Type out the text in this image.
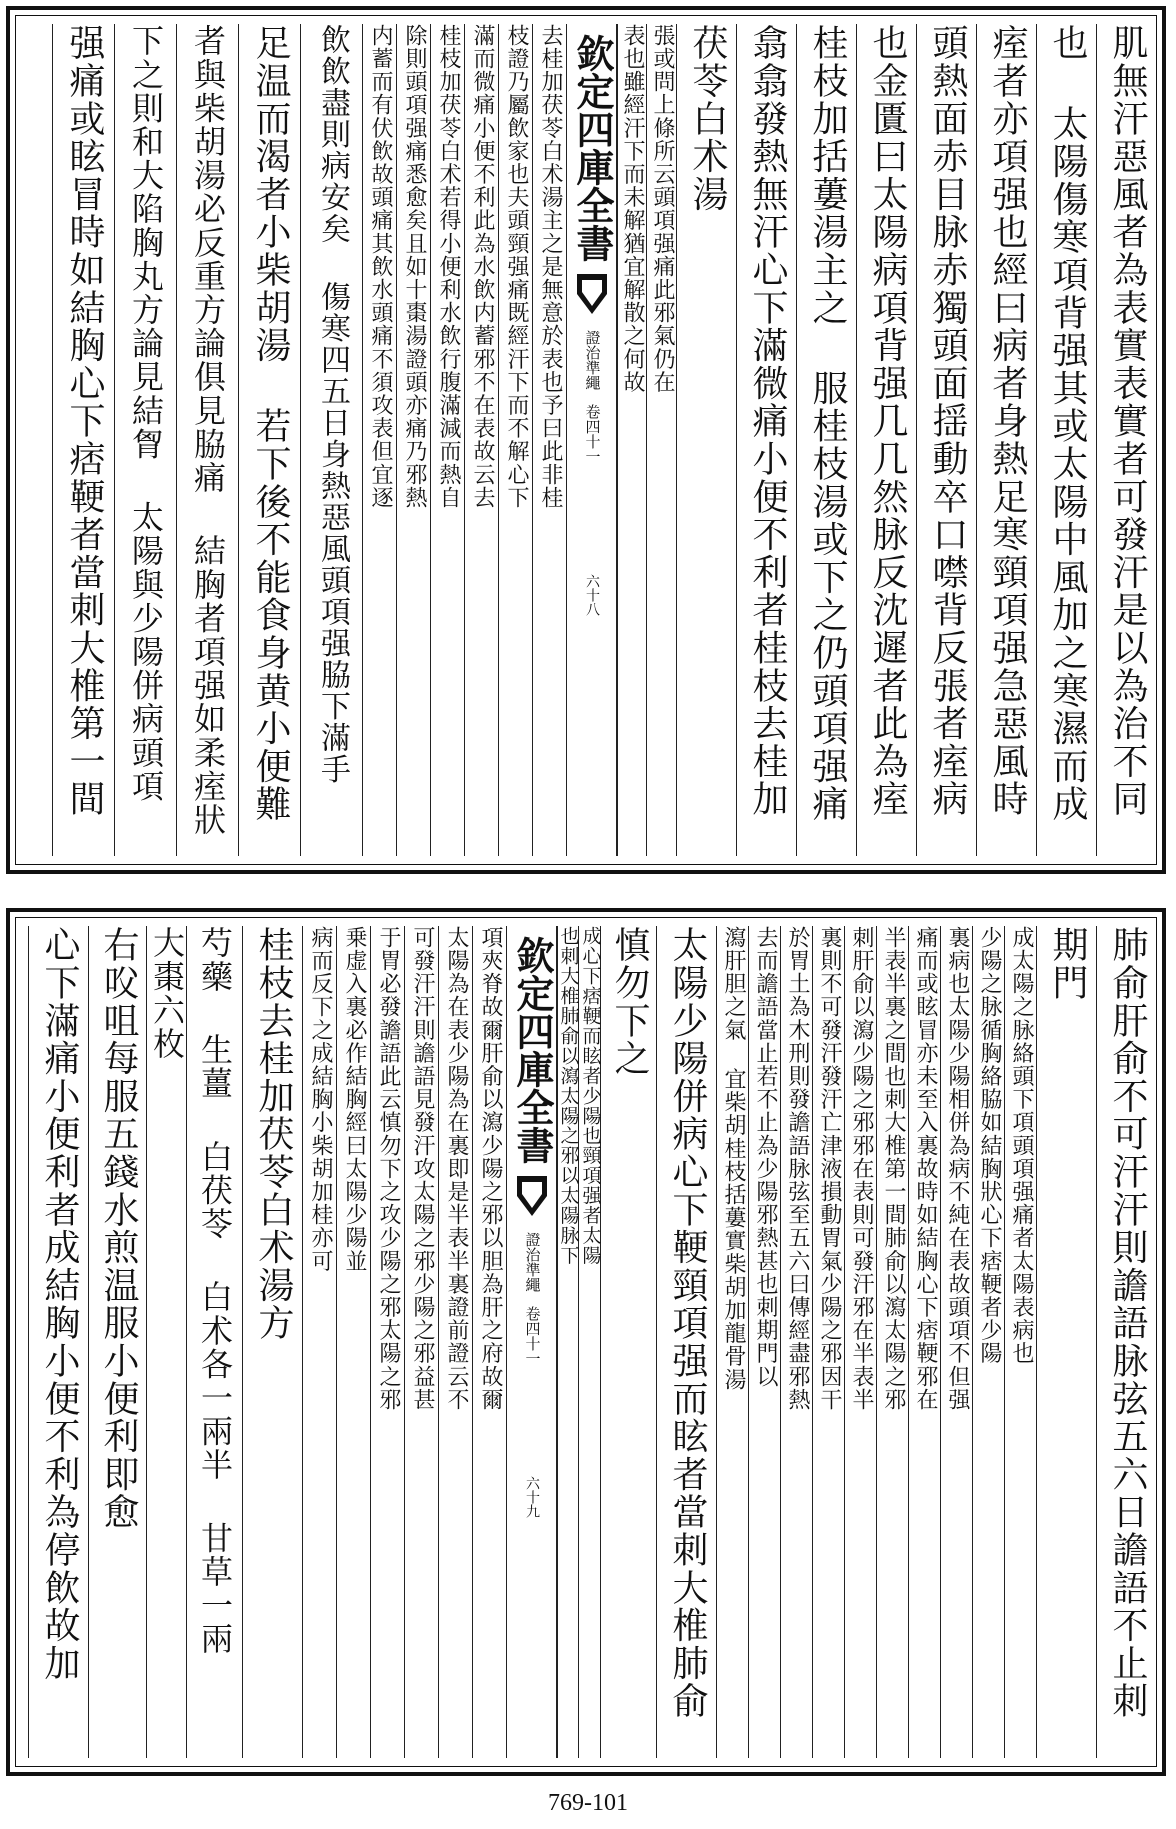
肌無汗惡風者為表實表實者可發汗是以為治不同
也 太陽傷寒項背强其或太陽中風加之寒濕而成
痓者亦項强也經曰病者身熱足寒頸項强急惡風時
頭熱面赤目脉赤獨頭面揺動卒口噤背反張者痓病
也金匱曰太陽病項背强几几然脉反沈遲者此為痓
桂枝加括蔞湯主之 服桂枝湯或下之仍頭項强痛
翕翕發熱無汗心下滿微痛小便不利者桂枝去桂加
茯苓白术湯
張或問上條所云頭項强痛此邪氣仍在
表也雖經汗下而未解猶宜解散之何故
欽定四庫全書
證治準繩
卷四十一
六十八
去桂加茯苓白术湯主之是無意於表也予曰此非桂
枝證乃屬飲家也夫頭頸强痛既經汗下而不解心下
滿而微痛小便不利此為水飲内蓄邪不在表故云去
桂枝加茯苓白术若得小便利水飲行腹滿減而熱自
除則頭項强痛悉愈矣且如十棗湯證頭亦痛乃邪熱
内蓄而有伏飲故頭痛其飲水頭痛不須攻表但宜逐
飲飲盡則病安矣 傷寒四五日身熱惡風頭項强脇下滿手
足温而渴者小柴胡湯 若下後不能食身黄小便難
者與柴胡湯必反重方論俱見脇痛 結胸者項强如柔痓狀
下之則和大陷胸丸方論見結胷 太陽與少陽併病頭項
强痛或眩冒時如結胸心下痞鞕者當刺大椎第一間
肺俞肝俞不可汗汗則譫語脉弦五六日譫語不止刺
期門
成太陽之脉絡頭下項頭項强痛者太陽表病也
少陽之脉循胸絡脇如結胸狀心下痞鞕者少陽
裏病也太陽少陽相併為病不純在表故頭項不但强
痛而或眩冒亦未至入裏故時如結胸心下痞鞕邪在
半表半裏之間也刺大椎第一間肺俞以瀉太陽之邪
刺肝俞以瀉少陽之邪邪在表則可發汗邪在半表半
裏則不可發汗發汗亡津液損動胃氣少陽之邪因干
於胃土為木刑則發譫語脉弦至五六曰傳經盡邪熱
去而譫語當止若不止為少陽邪熱甚也刺期門以
瀉肝胆之氣 宜柴胡桂枝括蔞實柴胡加龍骨湯
太陽少陽併病心下鞕頸項强而眩者當刺大椎肺俞
慎勿下之
成心下痞鞕而眩者少陽也頸項强者太陽
也刺大椎肺俞以瀉太陽之邪以太陽脉下
欽定四庫全書
證治準繩
卷四十一
六十九
項夾脊故爾肝俞以瀉少陽之邪以胆為肝之府故爾
太陽為在表少陽為在裏即是半表半裏證前證云不
可發汗汗則譫語見發汗攻太陽之邪少陽之邪益甚
于胃必發譫語此云慎勿下之攻少陽之邪太陽之邪
乗虚入裏必作結胸經曰太陽少陽並
病而反下之成結胸小柴胡加桂亦可
桂枝去桂加茯苓白术湯方
芍藥 生薑 白茯苓 白术各一兩半 甘草一兩
大棗六枚
右㕮咀每服五錢水煎温服小便利即愈
心下滿痛小便利者成結胸小便不利為停飲故加
769-101
